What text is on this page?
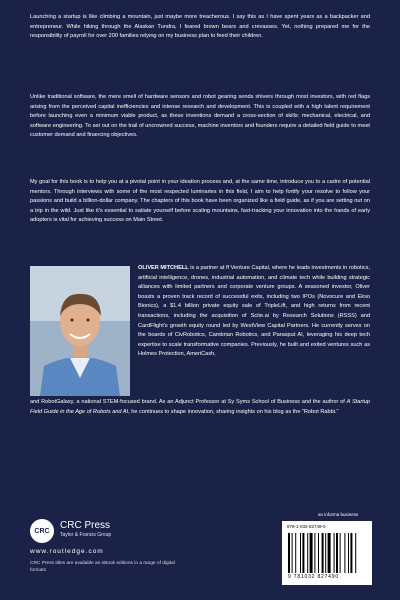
Launching a startup is like climbing a mountain, just maybe more treacherous. I say this as I have spent years as a backpacker and entrepreneur. While hiking through the Alaskan Tundra, I feared brown bears and crevasses. Yet, nothing prepared me for the responsibility of payroll for over 200 families relying on my business plan to feed their children.

Unlike traditional software, the mere smell of hardware sensors and robot gearing sends shivers through most investors, with red flags arising from the perceived capital inefficiencies and intense research and development. This is coupled with a high talent requirement before launching even a minimum viable product, as these inventions demand a cross-section of skills: mechanical, electrical, and software engineering. To set out on the trail of uncrowned success, machine inventors and founders require a detailed field guide to meet customer demand and financing objectives.

My goal for this book is to help you at a pivotal point in your ideation process and, at the same time, introduce you to a cadre of potential mentors. Through interviews with some of the most respected luminaries in this field, I aim to help fortify your resolve to follow your passions and build a billion-dollar company. The chapters of this book have been organized like a field guide, as if you are setting out on a trip in the wild. Just like it's essential to satiate yourself before scaling mountains, fast-tracking your innovation into the hands of early adopters is vital for achieving success on Main Street.

OLIVER MITCHELL is a partner at ff Venture Capital, where he leads investments in robotics, artificial intelligence, drones, industrial automation, and climate tech while building strategic alliances with limited partners and corporate venture groups. A seasoned investor, Oliver boasts a proven track record of successful exits, including two IPOs (Novocure and Ekso Bionics), a $1.4 billion private equity sale of TripleLift, and high returns from recent transactions, including the acquisition of Scite.ai by Research Solutions (RSSS) and CardFlight's growth equity round led by WestView Capital Partners. He currently serves on the boards of CivRobotics, Cambrian Robotics, and Parasput AI, leveraging his deep tech expertise to scale transformative companies. Previously, he built and exited ventures such as Holmes Protection, AmeriCash,

and RobotGalaxy, a national STEM-focused brand. As an Adjunct Professor at Sy Syms School of Business and the author of A Startup Field Guide in the Age of Robots and AI, he continues to shape innovation, sharing insights on his blog as the “Robot Rabbi.”

CRC	CRC Press
Taylor & Francis Group
www.routledge.com
CRC Press titles are available as eBook editions in a range of digital formats
an informa business
978-1-032-82749-0
9 781032 827490
